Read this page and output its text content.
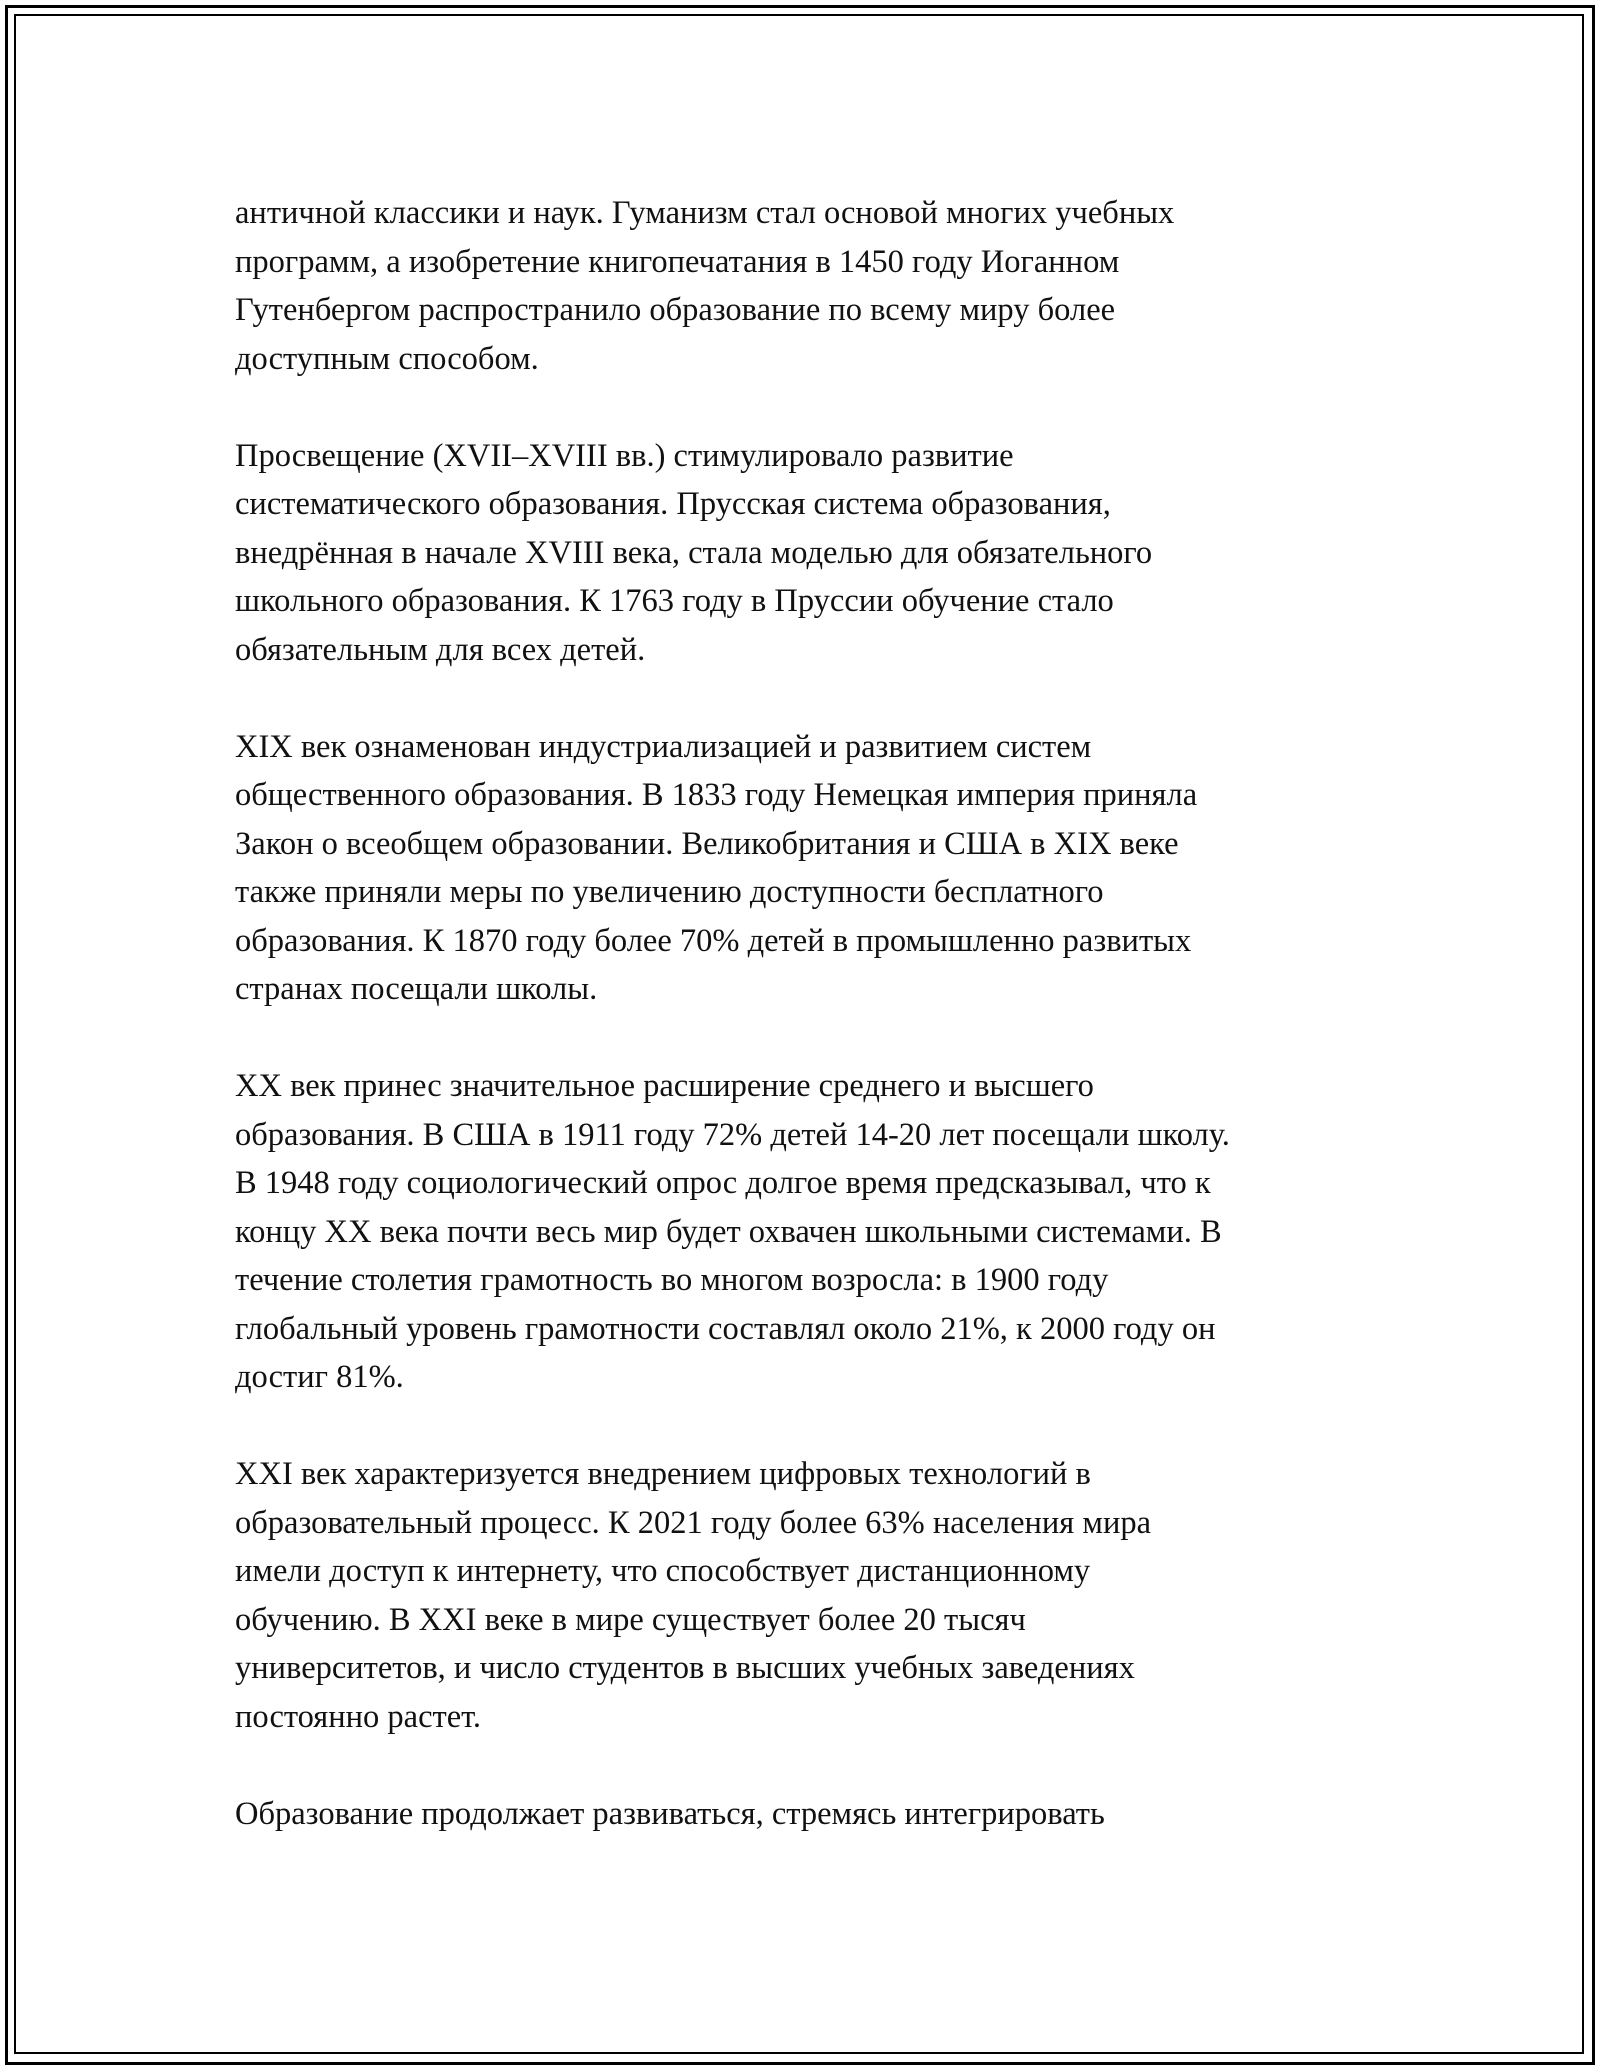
античной классики и наук. Гуманизм стал основой многих учебных
программ, а изобретение книгопечатания в 1450 году Иоганном
Гутенбергом распространило образование по всему миру более
доступным способом.

Просвещение (XVII–XVIII вв.) стимулировало развитие
систематического образования. Прусская система образования,
внедрённая в начале XVIII века, стала моделью для обязательного
школьного образования. К 1763 году в Пруссии обучение стало
обязательным для всех детей.

XIX век ознаменован индустриализацией и развитием систем
общественного образования. В 1833 году Немецкая империя приняла
Закон о всеобщем образовании. Великобритания и США в XIX веке
также приняли меры по увеличению доступности бесплатного
образования. К 1870 году более 70% детей в промышленно развитых
странах посещали школы.

XX век принес значительное расширение среднего и высшего
образования. В США в 1911 году 72% детей 14-20 лет посещали школу.
В 1948 году социологический опрос долгое время предсказывал, что к
концу XX века почти весь мир будет охвачен школьными системами. В
течение столетия грамотность во многом возросла: в 1900 году
глобальный уровень грамотности составлял около 21%, к 2000 году он
достиг 81%.

XXI век характеризуется внедрением цифровых технологий в
образовательный процесс. К 2021 году более 63% населения мира
имели доступ к интернету, что способствует дистанционному
обучению. В XXI веке в мире существует более 20 тысяч
университетов, и число студентов в высших учебных заведениях
постоянно растет.

Образование продолжает развиваться, стремясь интегрировать
